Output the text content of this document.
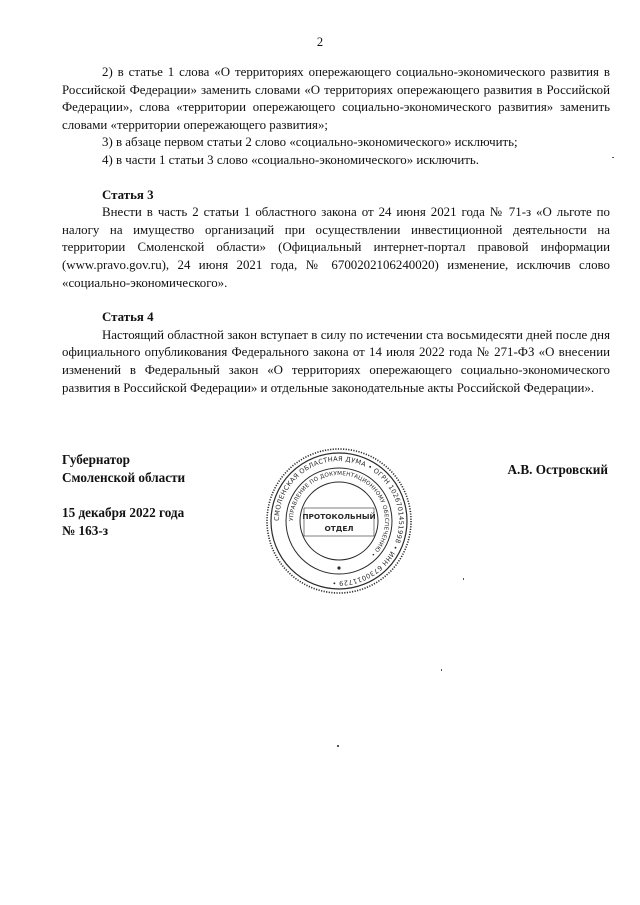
2

2) в статье 1 слова «О территориях опережающего социально-экономического развития в Российской Федерации» заменить словами «О территориях опережающего развития в Российской Федерации», слова «территории опережающего социально-экономического развития» заменить словами «территории опережающего развития»;

3) в абзаце первом статьи 2 слово «социально-экономического» исключить;

4) в части 1 статьи 3 слово «социально-экономического» исключить.

Статья 3

Внести в часть 2 статьи 1 областного закона от 24 июня 2021 года № 71-з «О льготе по налогу на имущество организаций при осуществлении инвестиционной деятельности на территории Смоленской области» (Официальный интернет-портал правовой информации (www.pravo.gov.ru), 24 июня 2021 года, № 6700202106240020) изменение, исключив слово «социально-экономического».

Статья 4

Настоящий областной закон вступает в силу по истечении ста восьмидесяти дней после дня официального опубликования Федерального закона от 14 июля 2022 года № 271-ФЗ «О внесении изменений в Федеральный закон «О территориях опережающего социально-экономического развития в Российской Федерации» и отдельные законодательные акты Российской Федерации».

Губернатор
Смоленской области
15 декабря 2022 года
№ 163-з
А.В. Островский
СМОЛЕНСКАЯ ОБЛАСТНАЯ ДУМА • ОГРН 1026701451998 • ИНН 6730011729 •
УПРАВЛЕНИЕ ПО ДОКУМЕНТАЦИОННОМУ ОБЕСПЕЧЕНИЮ •
ПРОТОКОЛЬНЫЙ
ОТДЕЛ
